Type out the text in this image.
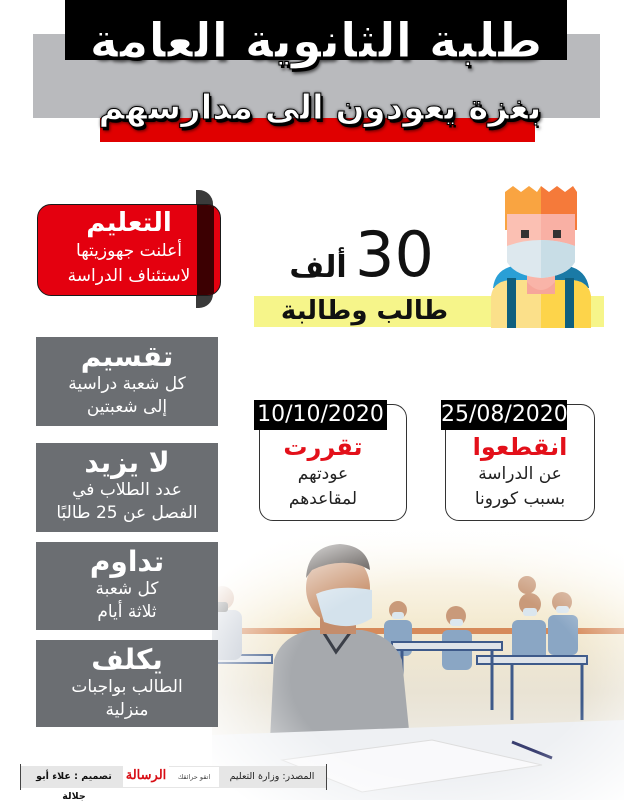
طلبة الثانوية العامة
بغزة يعودون الى مدارسهم
التعليم
أعلنت جهوزيتها
لاستئناف الدراسة	30
ألف
طالب وطالبة
25/08/2020
انقطعوا
عن الدراسة
بسبب كورونا
10/10/2020
تقررت
عودتهم
لمقاعدهم
تقسيم
كل شعبة دراسية
إلى شعبتين
لا يزيد
عدد الطلاب في
الفصل عن 25 طالبًا
تداوم
كل شعبة
ثلاثة أيام
يكلف
الطالب بواجبات
منزلية
المصدر: وزارة التعليم
اتقو حرائقك
الرسالة
تصميم : علاء أبو جلالة
